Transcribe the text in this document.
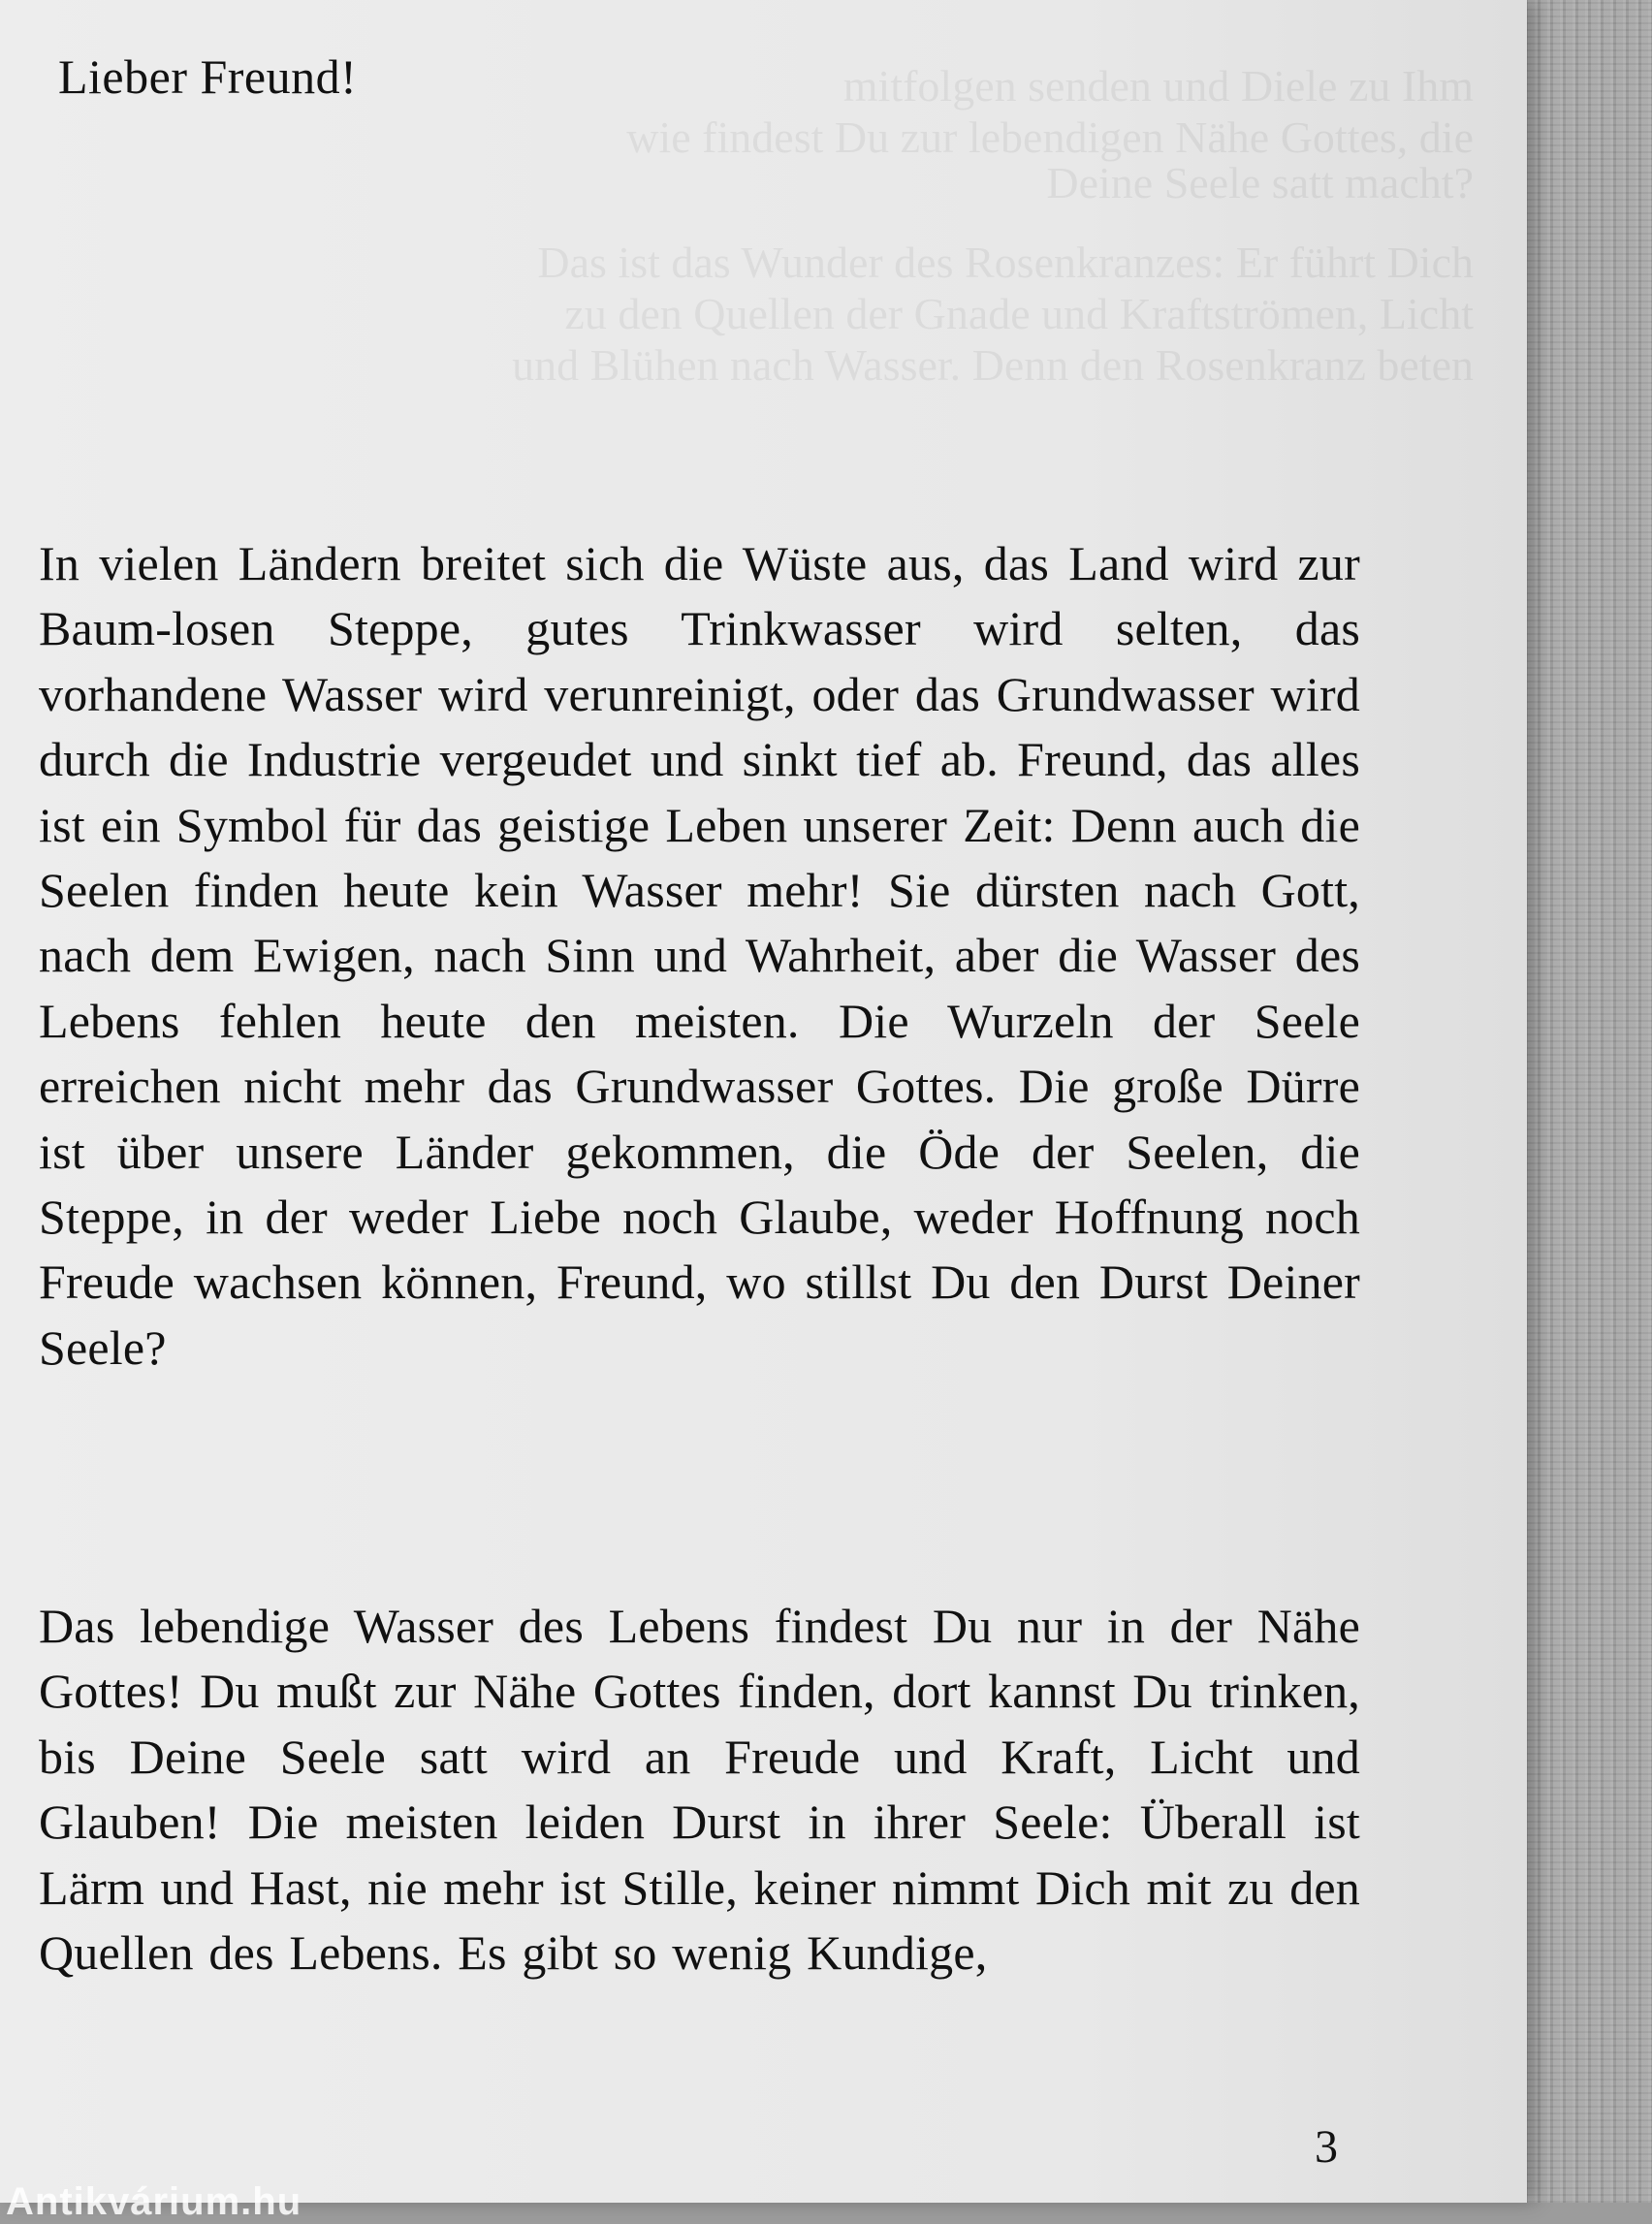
mitfolgen senden und Diele zu Ihm
wie findest Du zur lebendigen Nähe Gottes, die
Deine Seele satt macht?
Das ist das Wunder des Rosenkranzes: Er führt Dich
zu den Quellen der Gnade und Kraftströmen, Licht
und Blühen nach Wasser. Denn den Rosenkranz beten
Lieber Freund!

In vielen Ländern breitet sich die Wüste aus, das Land wird zur Baum-losen Steppe, gutes Trinkwasser wird selten, das vorhandene Wasser wird verunreinigt, oder das Grundwasser wird durch die Industrie vergeudet und sinkt tief ab. Freund, das alles ist ein Symbol für das geistige Leben unserer Zeit: Denn auch die Seelen finden heute kein Wasser mehr! Sie dürsten nach Gott, nach dem Ewigen, nach Sinn und Wahrheit, aber die Wasser des Lebens fehlen heute den meisten. Die Wurzeln der Seele erreichen nicht mehr das Grundwasser Gottes. Die große Dürre ist über unsere Länder gekommen, die Öde der Seelen, die Steppe, in der weder Liebe noch Glaube, weder Hoffnung noch Freude wachsen können, Freund, wo stillst Du den Durst Deiner Seele?

Das lebendige Wasser des Lebens findest Du nur in der Nähe Gottes! Du mußt zur Nähe Gottes finden, dort kannst Du trinken, bis Deine Seele satt wird an Freude und Kraft, Licht und Glauben! Die meisten leiden Durst in ihrer Seele: Überall ist Lärm und Hast, nie mehr ist Stille, keiner nimmt Dich mit zu den Quellen des Lebens. Es gibt so wenig Kundige,

3

Antikvárium.hu
